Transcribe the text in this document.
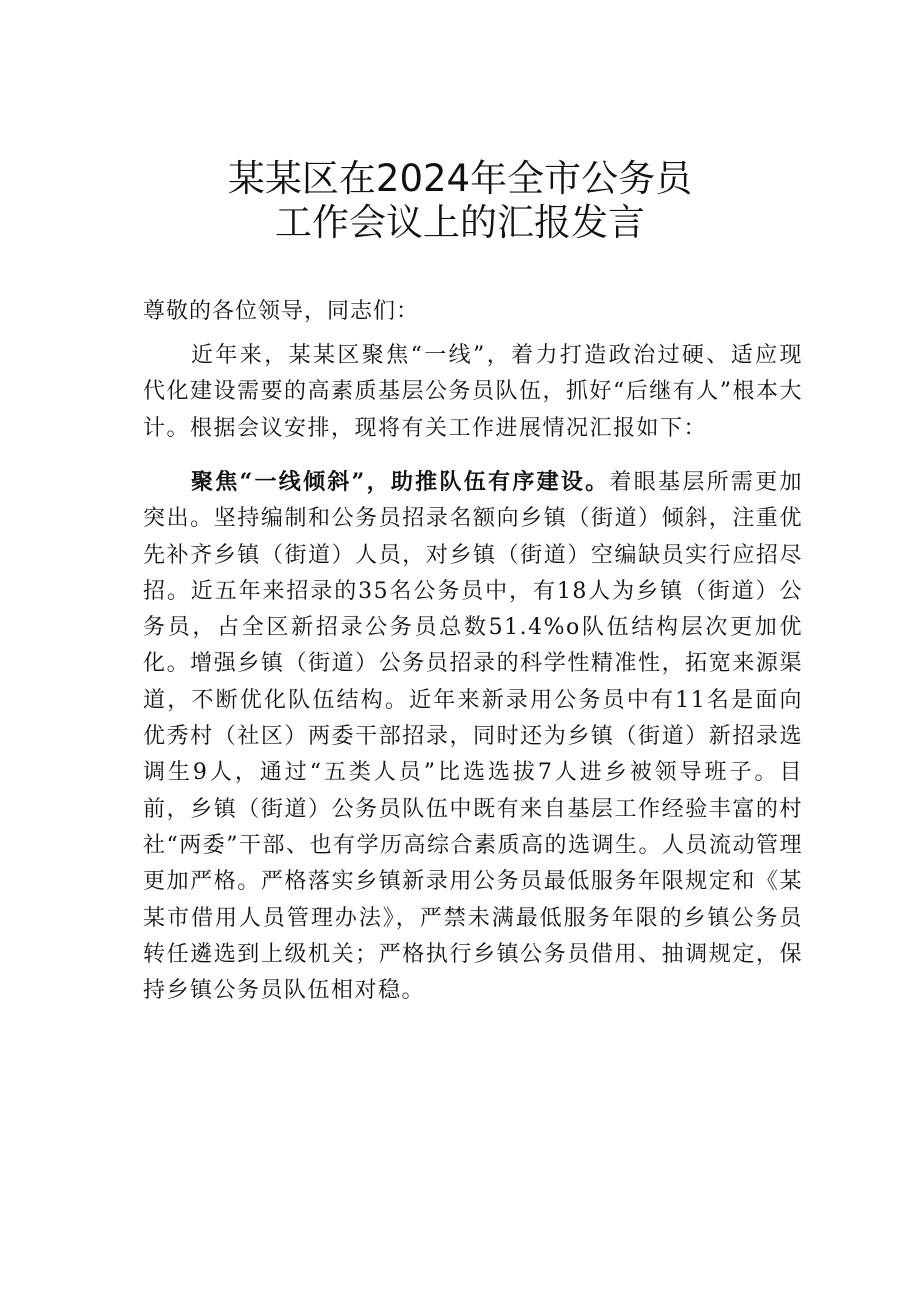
某某区在2024年全市公务员
工作会议上的汇报发言

尊敬的各位领导，同志们：

近年来，某某区聚焦“一线”，着力打造政治过硬、适应现代化建设需要的高素质基层公务员队伍，抓好“后继有人”根本大计。根据会议安排，现将有关工作进展情况汇报如下：

聚焦“一线倾斜”，助推队伍有序建设。着眼基层所需更加突出。坚持编制和公务员招录名额向乡镇（街道）倾斜，注重优先补齐乡镇（街道）人员，对乡镇（街道）空编缺员实行应招尽招。近五年来招录的35名公务员中，有18人为乡镇（街道）公务员，占全区新招录公务员总数51.4%o队伍结构层次更加优化。增强乡镇（街道）公务员招录的科学性精准性，拓宽来源渠道，不断优化队伍结构。近年来新录用公务员中有11名是面向优秀村（社区）两委干部招录，同时还为乡镇（街道）新招录选调生9人，通过“五类人员”比选选拔7人进乡被领导班子。目前，乡镇（街道）公务员队伍中既有来自基层工作经验丰富的村社“两委”干部、也有学历高综合素质高的选调生。人员流动管理更加严格。严格落实乡镇新录用公务员最低服务年限规定和《某某市借用人员管理办法》，严禁未满最低服务年限的乡镇公务员转任遴选到上级机关；严格执行乡镇公务员借用、抽调规定，保持乡镇公务员队伍相对稳。
